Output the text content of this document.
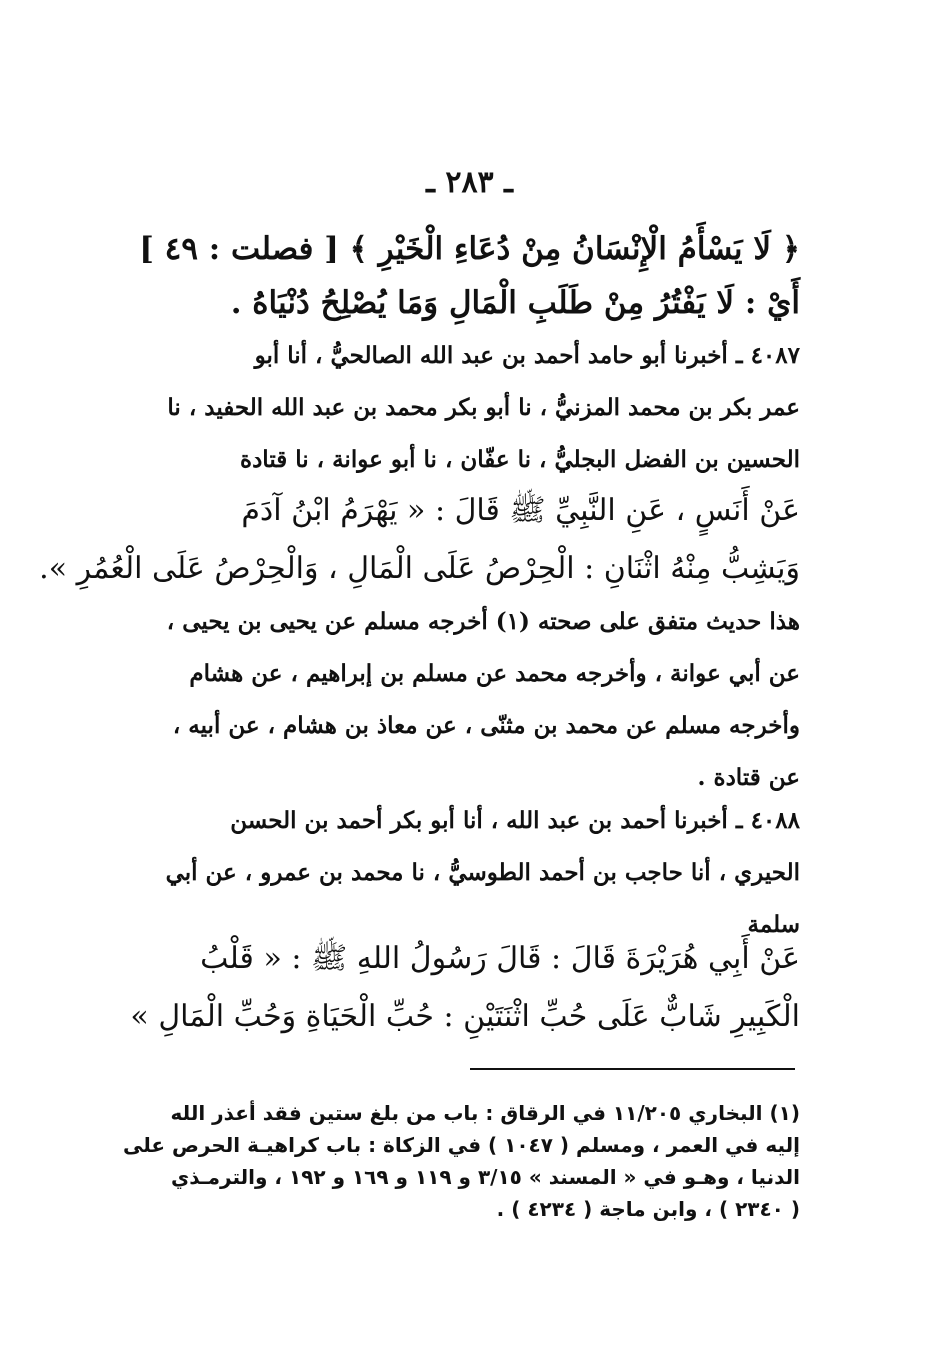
ـ ٢٨٣ ـ
﴿ لَا يَسْأَمُ الْإِنْسَانُ مِنْ دُعَاءِ الْخَيْرِ ﴾ [ فصلت : ٤٩ ]
أَيْ : لَا يَفْتُرُ مِنْ طَلَبِ الْمَالِ وَمَا يُصْلِحُ دُنْيَاهُ .
٤٠٨٧ ـ أخبرنا أبو حامد أحمد بن عبد الله الصالحيُّ ، أنا أبو
عمر بكر بن محمد المزنيُّ ، نا أبو بكر محمد بن عبد الله الحفيد ، نا
الحسين بن الفضل البجليُّ ، نا عفّان ، نا أبو عوانة ، نا قتادة
عَنْ أَنَسٍ ، عَنِ النَّبِيِّ ﷺ قَالَ : « يَهْرَمُ ابْنُ آدَمَ
وَيَشِبُّ مِنْهُ اثْنَانِ : الْحِرْصُ عَلَى الْمَالِ ، وَالْحِرْصُ عَلَى الْعُمُرِ ».
هذا حديث متفق على صحته (١) أخرجه مسلم عن يحيى بن يحيى ،
عن أبي عوانة ، وأخرجه محمد عن مسلم بن إبراهيم ، عن هشام
وأخرجه مسلم عن محمد بن مثنّى ، عن معاذ بن هشام ، عن أبيه ،
عن قتادة .
٤٠٨٨ ـ أخبرنا أحمد بن عبد الله ، أنا أبو بكر أحمد بن الحسن
الحيري ، أنا حاجب بن أحمد الطوسيُّ ، نا محمد بن عمرو ، عن أبي
سلمة
عَنْ أَبِي هُرَيْرَةَ قَالَ : قَالَ رَسُولُ اللهِ ﷺ : « قَلْبُ
الْكَبِيرِ شَابٌّ عَلَى حُبِّ اثْنَتَيْنِ : حُبِّ الْحَيَاةِ وَحُبِّ الْمَالِ »
(١) البخاري ١١/٢٠٥ في الرقاق : باب من بلغ ستين فقد أعذر الله
إليه في العمر ، ومسلم ( ١٠٤٧ ) في الزكاة : باب كراهيـة الحرص على
الدنيا ، وهـو في « المسند » ٣/١٥ و ١١٩ و ١٦٩ و ١٩٢ ، والترمـذي
( ٢٣٤٠ ) ، وابن ماجة ( ٤٢٣٤ ) .
